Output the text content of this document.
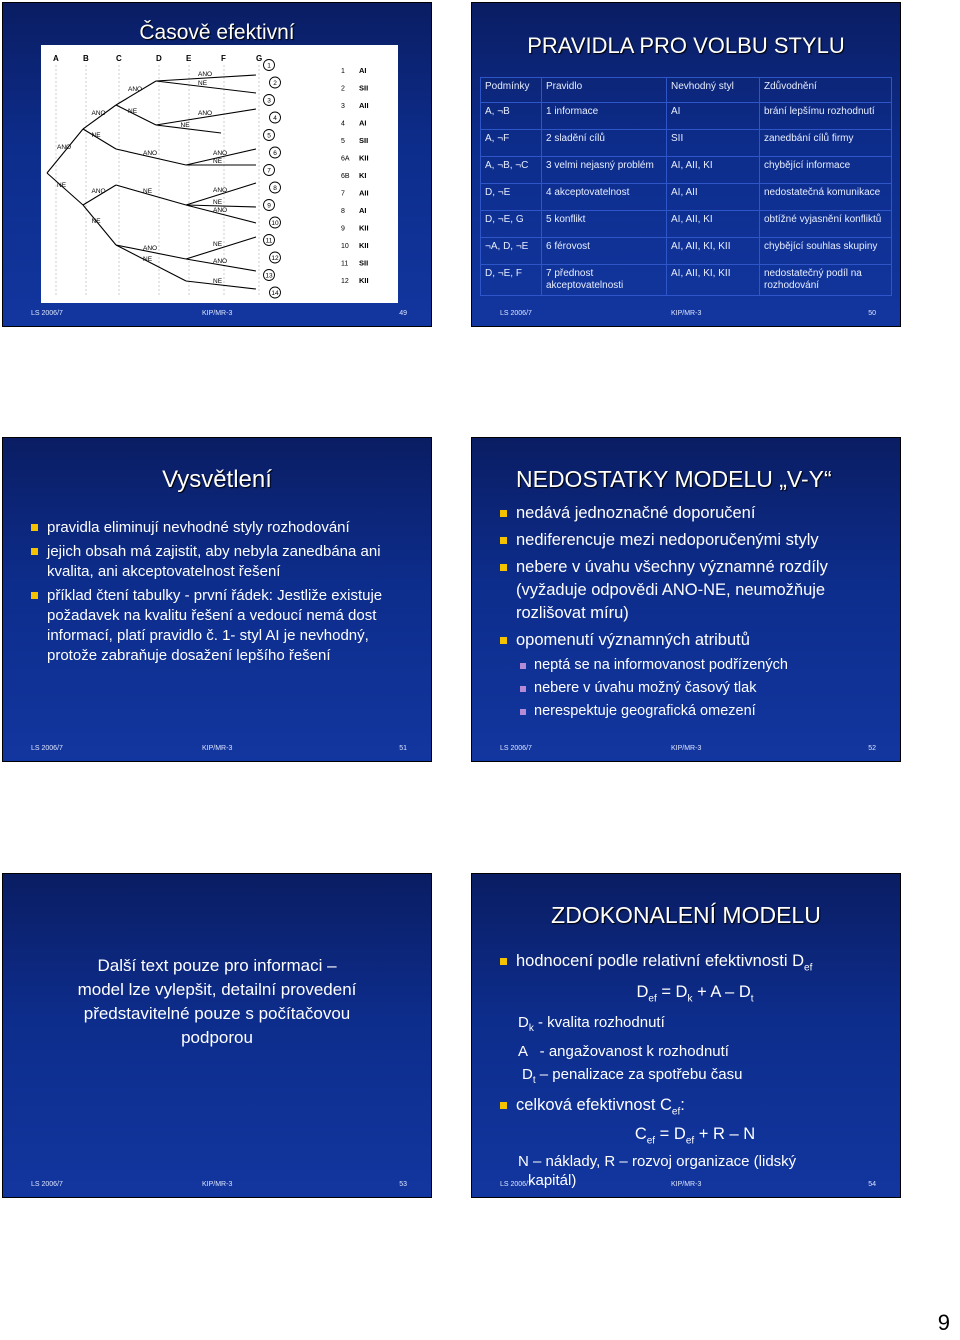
Časově efektivní
A	B	C	D	E	F	G
ANO
NE
ANO
NE
ANO
NE
ANO
NE
ANO
NE
ANO
NE
ANO
NE
ANO
NE
ANO
NE
ANO
NE
ANO
NE
ANO
NE
1
2
3
4
5
6
7
8
9
10
11
12
13
14
1 AI
2 SII
3 AII
4 AI
5 SII
6A KII
6B KI
7 AII
8 AI
9 KII
10 KII
11 SII
12 KII
LS 2006/7	KIP/MR-3	49
PRAVIDLA PRO VOLBU STYLU
Podmínky	Pravidlo	Nevhodný styl	Zdůvodnění
A, ¬B	1 informace	AI	brání lepšímu rozhodnutí
A, ¬F	2 sladění cílů	SII	zanedbání cílů firmy
A, ¬B, ¬C	3 velmi nejasný problém	AI, AII, KI	chybějící informace
D, ¬E	4 akceptovatelnost	AI, AII	nedostatečná komunikace
D, ¬E, G	5 konflikt	AI, AII, KI	obtížné vyjasnění konfliktů
¬A, D, ¬E	6 férovost	AI, AII, KI, KII	chybějící souhlas skupiny
D, ¬E, F	7 přednost akceptovatelnosti	AI, AII, KI, KII	nedostatečný podíl na rozhodování
LS 2006/7	KIP/MR-3	50
Vysvětlení
pravidla eliminují nevhodné styly rozhodování
jejich obsah má zajistit, aby nebyla zanedbána ani kvalita, ani akceptovatelnost řešení
příklad čtení tabulky - první řádek: Jestliže existuje požadavek na kvalitu řešení a vedoucí nemá dost informací, platí pravidlo č. 1- styl AI je nevhodný, protože zabraňuje dosažení lepšího řešení
LS 2006/7	KIP/MR-3	51
NEDOSTATKY MODELU „V-Y“
nedává jednoznačné doporučení
nediferencuje mezi nedoporučenými styly
nebere v úvahu všechny významné rozdíly (vyžaduje odpovědi ANO-NE, neumožňuje rozlišovat míru)
opomenutí významných atributů
neptá se na informovanost podřízených
nebere v úvahu možný časový tlak
nerespektuje geografická omezení
LS 2006/7	KIP/MR-3	52
Další text pouze pro informaci –
model lze vylepšit, detailní provedení
představitelné pouze s počítačovou
podporou
LS 2006/7	KIP/MR-3	53
ZDOKONALENÍ MODELU
hodnocení podle relativní efektivnosti $D_{ef}$
$D_{ef} = D_k + A - D_t$
$D_k$ - kvalita rozhodnutí
A   - angažovanost k rozhodnutí
$D_t$ – penalizace za spotřebu času
celková efektivnost $C_{ef}$:
$C_{ef} = D_{ef} + R - N$
N – náklady, R – rozvoj organizace (lidský
kapitál)
LS 2006/7	KIP/MR-3	54
9
